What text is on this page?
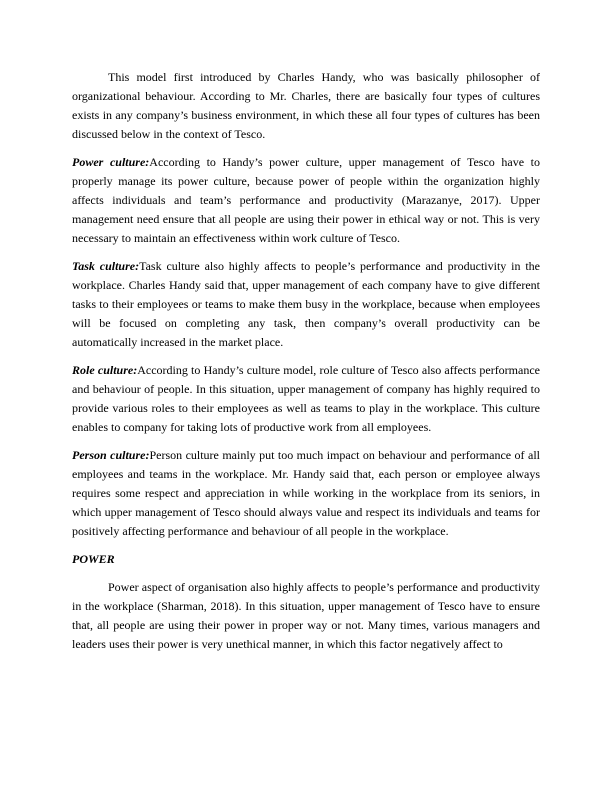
This model first introduced by Charles Handy, who was basically philosopher of organizational behaviour. According to Mr. Charles, there are basically four types of cultures exists in any company’s business environment, in which these all four types of cultures has been discussed below in the context of Tesco.

Power culture:According to Handy’s power culture, upper management of Tesco have to properly manage its power culture, because power of people within the organization highly affects individuals and team’s performance and productivity (Marazanye, 2017). Upper management need ensure that all people are using their power in ethical way or not. This is very necessary to maintain an effectiveness within work culture of Tesco.

Task culture:Task culture also highly affects to people’s performance and productivity in the workplace. Charles Handy said that, upper management of each company have to give different tasks to their employees or teams to make them busy in the workplace, because when employees will be focused on completing any task, then company’s overall productivity can be automatically increased in the market place.

Role culture:According to Handy’s culture model, role culture of Tesco also affects performance and behaviour of people. In this situation, upper management of company has highly required to provide various roles to their employees as well as teams to play in the workplace. This culture enables to company for taking lots of productive work from all employees.

Person culture:Person culture mainly put too much impact on behaviour and performance of all employees and teams in the workplace. Mr. Handy said that, each person or employee always requires some respect and appreciation in while working in the workplace from its seniors, in which upper management of Tesco should always value and respect its individuals and teams for positively affecting performance and behaviour of all people in the workplace.

POWER

Power aspect of organisation also highly affects to people’s performance and productivity in the workplace (Sharman, 2018). In this situation, upper management of Tesco have to ensure that, all people are using their power in proper way or not. Many times, various managers and leaders uses their power is very unethical manner, in which this factor negatively affect to
